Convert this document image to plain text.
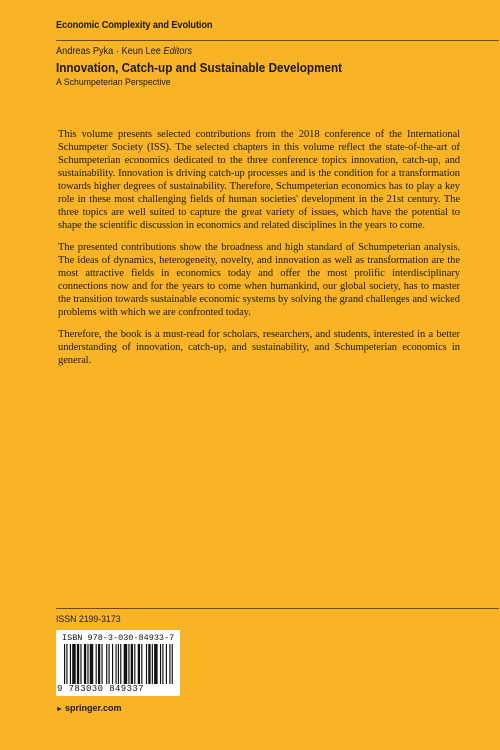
Economic Complexity and Evolution
Andreas Pyka · Keun Lee Editors
Innovation, Catch-up and Sustainable Development
A Schumpeterian Perspective

This volume presents selected contributions from the 2018 conference of the International Schumpeter Society (ISS). The selected chapters in this volume reflect the state-of-the-art of Schumpeterian economics dedicated to the three conference topics innovation, catch-up, and sustainability. Innovation is driving catch-up processes and is the condition for a transformation towards higher degrees of sustainability. Therefore, Schumpeterian economics has to play a key role in these most challenging fields of human societies' development in the 21st century. The three topics are well suited to capture the great variety of issues, which have the potential to shape the scientific discussion in economics and related disciplines in the years to come.

The presented contributions show the broadness and high standard of Schumpeterian analysis. The ideas of dynamics, heterogeneity, novelty, and innovation as well as transformation are the most attractive fields in economics today and offer the most prolific interdisciplinary connections now and for the years to come when humankind, our global society, has to master the transition towards sustainable economic systems by solving the grand challenges and wicked problems with which we are confronted today.

Therefore, the book is a must-read for scholars, researchers, and students, interested in a better understanding of innovation, catch-up, and sustainability, and Schumpeterian economics in general.

ISSN 2199-3173
ISBN 978-3-030-84933-7
9 783030 849337
► springer.com
